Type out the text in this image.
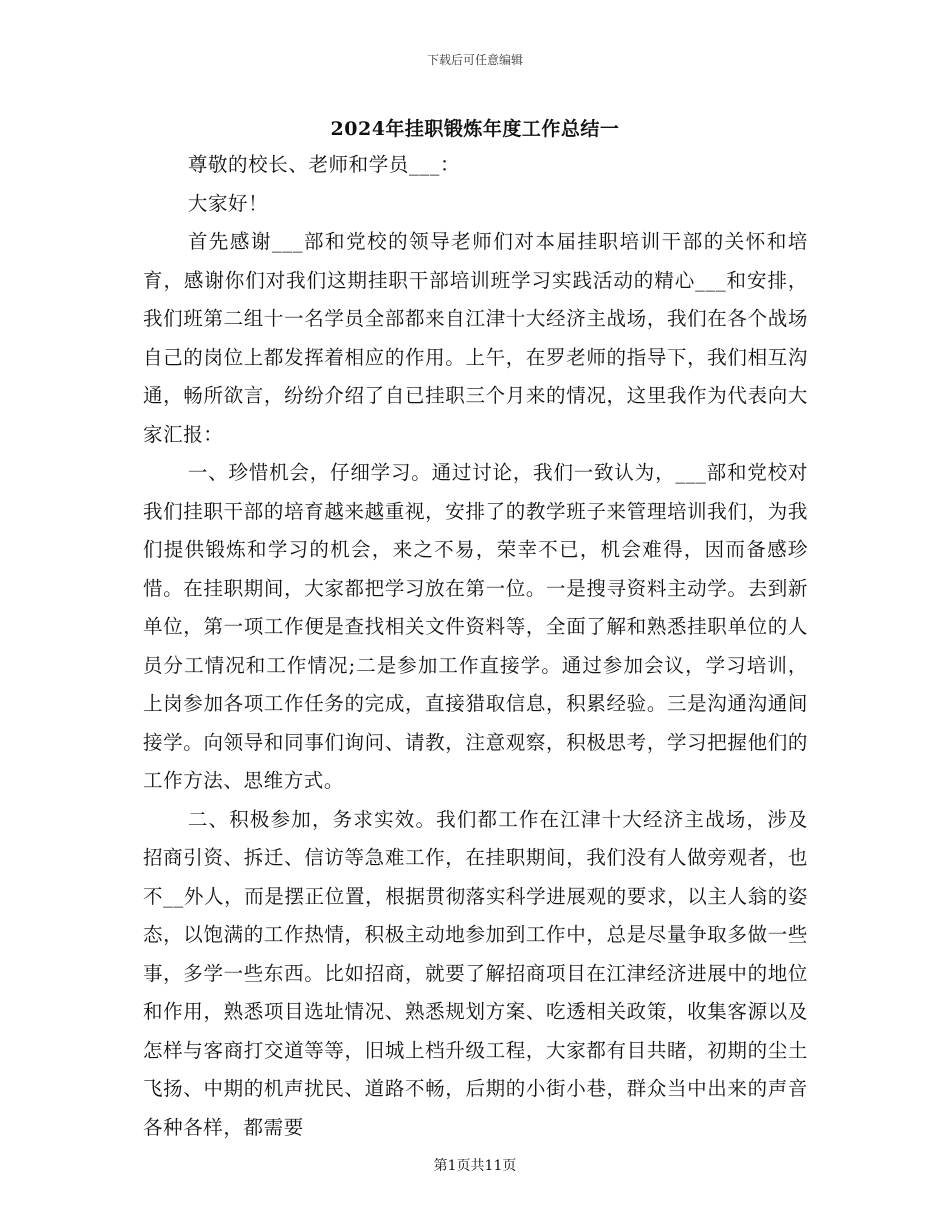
下载后可任意编辑
2024年挂职锻炼年度工作总结一

尊敬的校长、老师和学员___：

大家好！

首先感谢___部和党校的领导老师们对本届挂职培训干部的关怀和培育，感谢你们对我们这期挂职干部培训班学习实践活动的精心___和安排，我们班第二组十一名学员全部都来自江津十大经济主战场，我们在各个战场自己的岗位上都发挥着相应的作用。上午，在罗老师的指导下，我们相互沟通，畅所欲言，纷纷介绍了自已挂职三个月来的情况，这里我作为代表向大家汇报：

一、珍惜机会，仔细学习。通过讨论，我们一致认为，___部和党校对我们挂职干部的培育越来越重视，安排了的教学班子来管理培训我们，为我们提供锻炼和学习的机会，来之不易，荣幸不已，机会难得，因而备感珍惜。在挂职期间，大家都把学习放在第一位。一是搜寻资料主动学。去到新单位，第一项工作便是查找相关文件资料等，全面了解和熟悉挂职单位的人员分工情况和工作情况;二是参加工作直接学。通过参加会议，学习培训，上岗参加各项工作任务的完成，直接猎取信息，积累经验。三是沟通沟通间接学。向领导和同事们询问、请教，注意观察，积极思考，学习把握他们的工作方法、思维方式。

二、积极参加，务求实效。我们都工作在江津十大经济主战场，涉及招商引资、拆迁、信访等急难工作，在挂职期间，我们没有人做旁观者，也不__外人，而是摆正位置，根据贯彻落实科学进展观的要求，以主人翁的姿态，以饱满的工作热情，积极主动地参加到工作中，总是尽量争取多做一些事，多学一些东西。比如招商，就要了解招商项目在江津经济进展中的地位和作用，熟悉项目选址情况、熟悉规划方案、吃透相关政策，收集客源以及怎样与客商打交道等等，旧城上档升级工程，大家都有目共睹，初期的尘土飞扬、中期的机声扰民、道路不畅，后期的小街小巷，群众当中出来的声音各种各样，都需要

第1页共11页
